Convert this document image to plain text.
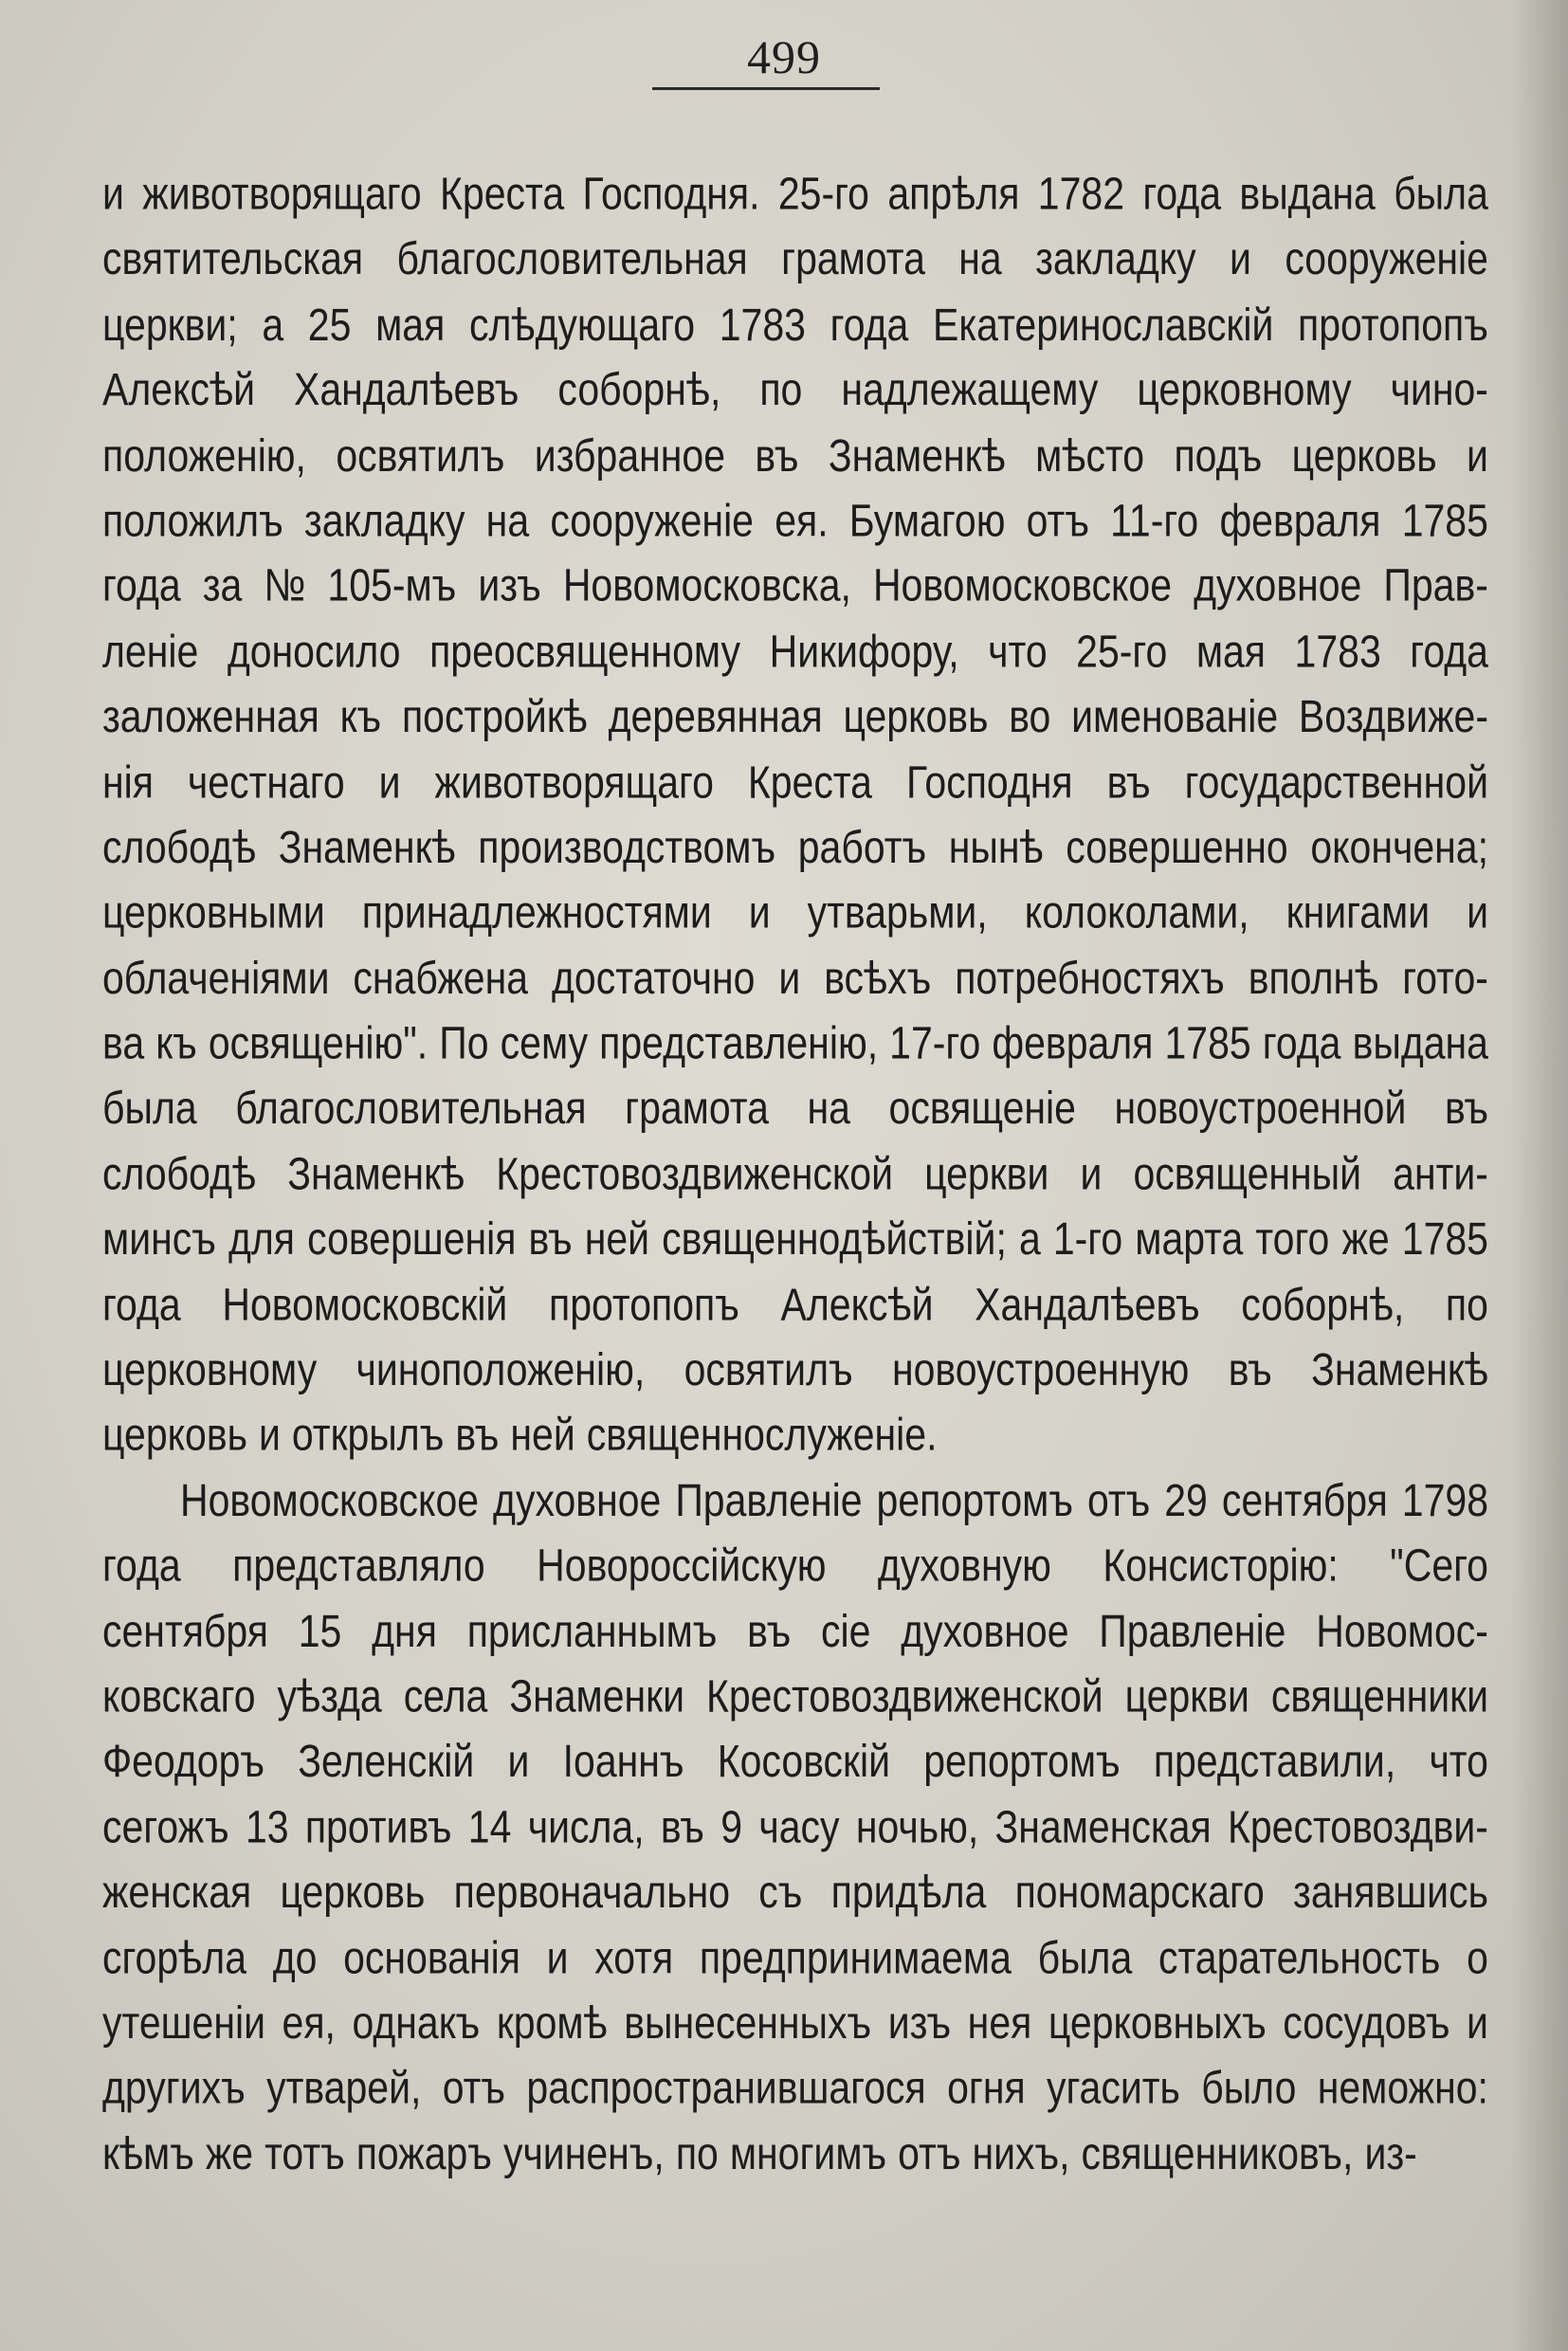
499
и животворящаго Креста Господня. 25-го апрѣля 1782 года выдана была
святительская благословительная грамота на закладку и сооруженіе
церкви; а 25 мая слѣдующаго 1783 года Екатеринославскій протопопъ
Алексѣй Хандалѣевъ соборнѣ, по надлежащему церковному чино-
положенію, освятилъ избранное въ Знаменкѣ мѣсто подъ церковь и
положилъ закладку на сооруженіе ея. Бумагою отъ 11-го февраля 1785
года за № 105-мъ изъ Новомосковска, Новомосковское духовное Прав-
леніе доносило преосвященному Никифору, что 25-го мая 1783 года
заложенная къ постройкѣ деревянная церковь во именованіе Воздвиже-
нія честнаго и животворящаго Креста Господня въ государственной
слободѣ Знаменкѣ производствомъ работъ нынѣ совершенно окончена;
церковными принадлежностями и утварьми, колоколами, книгами и
облаченіями снабжена достаточно и всѣхъ потребностяхъ вполнѣ гото-
ва къ освященію". По сему представленію, 17-го февраля 1785 года выдана
была благословительная грамота на освященіе новоустроенной въ
слободѣ Знаменкѣ Крестовоздвиженской церкви и освященный анти-
минсъ для совершенія въ ней священнодѣйствій; а 1-го марта того же 1785
года Новомосковскій протопопъ Алексѣй Хандалѣевъ соборнѣ, по
церковному чиноположенію, освятилъ новоустроенную въ Знаменкѣ
церковь и открылъ въ ней священнослуженіе.
Новомосковское духовное Правленіе репортомъ отъ 29 сентября 1798
года представляло Новороссійскую духовную Консисторію: "Сего
сентября 15 дня присланнымъ въ сіе духовное Правленіе Новомос-
ковскаго уѣзда села Знаменки Крестовоздвиженской церкви священники
Феодоръ Зеленскій и Іоаннъ Косовскій репортомъ представили, что
сегожъ 13 противъ 14 числа, въ 9 часу ночью, Знаменская Крестовоздви-
женская церковь первоначально съ придѣла пономарскаго занявшись
сгорѣла до основанія и хотя предпринимаема была старательность о
утешеніи ея, однакъ кромѣ вынесенныхъ изъ нея церковныхъ сосудовъ и
другихъ утварей, отъ распространившагося огня угасить было неможно:
кѣмъ же тотъ пожаръ учиненъ, по многимъ отъ нихъ, священниковъ, из-
